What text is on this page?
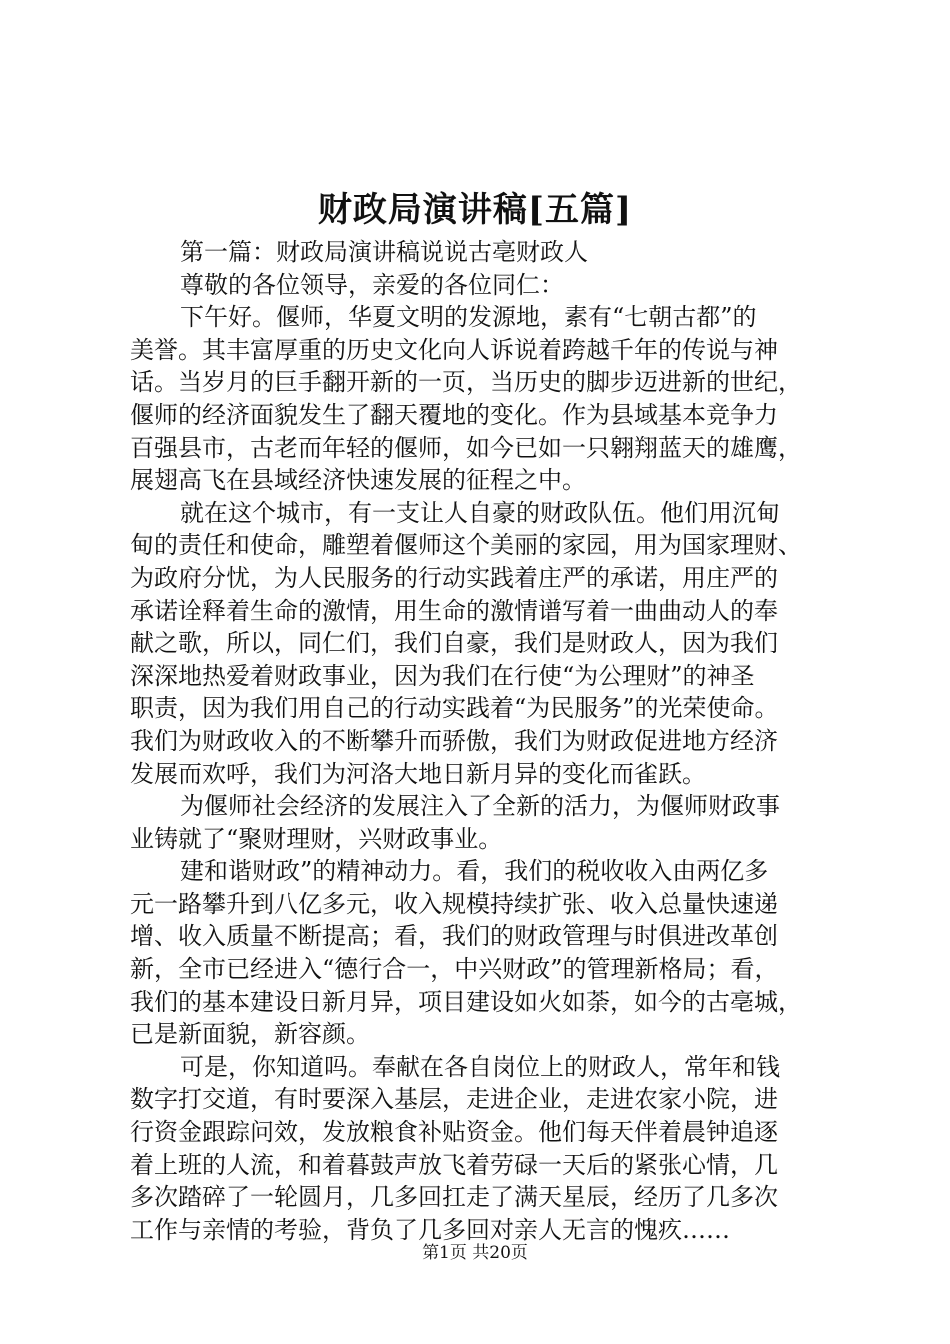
财政局演讲稿[五篇]
第一篇：财政局演讲稿说说古亳财政人
尊敬的各位领导，亲爱的各位同仁：
下午好。偃师，华夏文明的发源地，素有“七朝古都”的
美誉。其丰富厚重的历史文化向人诉说着跨越千年的传说与神
话。当岁月的巨手翻开新的一页，当历史的脚步迈进新的世纪，
偃师的经济面貌发生了翻天覆地的变化。作为县域基本竞争力
百强县市，古老而年轻的偃师，如今已如一只翱翔蓝天的雄鹰，
展翅高飞在县域经济快速发展的征程之中。
就在这个城市，有一支让人自豪的财政队伍。他们用沉甸
甸的责任和使命，雕塑着偃师这个美丽的家园，用为国家理财、
为政府分忧，为人民服务的行动实践着庄严的承诺，用庄严的
承诺诠释着生命的激情，用生命的激情谱写着一曲曲动人的奉
献之歌，所以，同仁们，我们自豪，我们是财政人，因为我们
深深地热爱着财政事业，因为我们在行使“为公理财”的神圣
职责，因为我们用自己的行动实践着“为民服务”的光荣使命。
我们为财政收入的不断攀升而骄傲，我们为财政促进地方经济
发展而欢呼，我们为河洛大地日新月异的变化而雀跃。
为偃师社会经济的发展注入了全新的活力，为偃师财政事
业铸就了“聚财理财，兴财政事业。
建和谐财政”的精神动力。看，我们的税收收入由两亿多
元一路攀升到八亿多元，收入规模持续扩张、收入总量快速递
增、收入质量不断提高；看，我们的财政管理与时俱进改革创
新，全市已经进入“德行合一，中兴财政”的管理新格局；看，
我们的基本建设日新月异，项目建设如火如荼，如今的古亳城，
已是新面貌，新容颜。
可是，你知道吗。奉献在各自岗位上的财政人，常年和钱
数字打交道，有时要深入基层，走进企业，走进农家小院，进
行资金跟踪问效，发放粮食补贴资金。他们每天伴着晨钟追逐
着上班的人流，和着暮鼓声放飞着劳碌一天后的紧张心情，几
多次踏碎了一轮圆月，几多回扛走了满天星辰，经历了几多次
工作与亲情的考验，背负了几多回对亲人无言的愧疚……
第1页 共20页
